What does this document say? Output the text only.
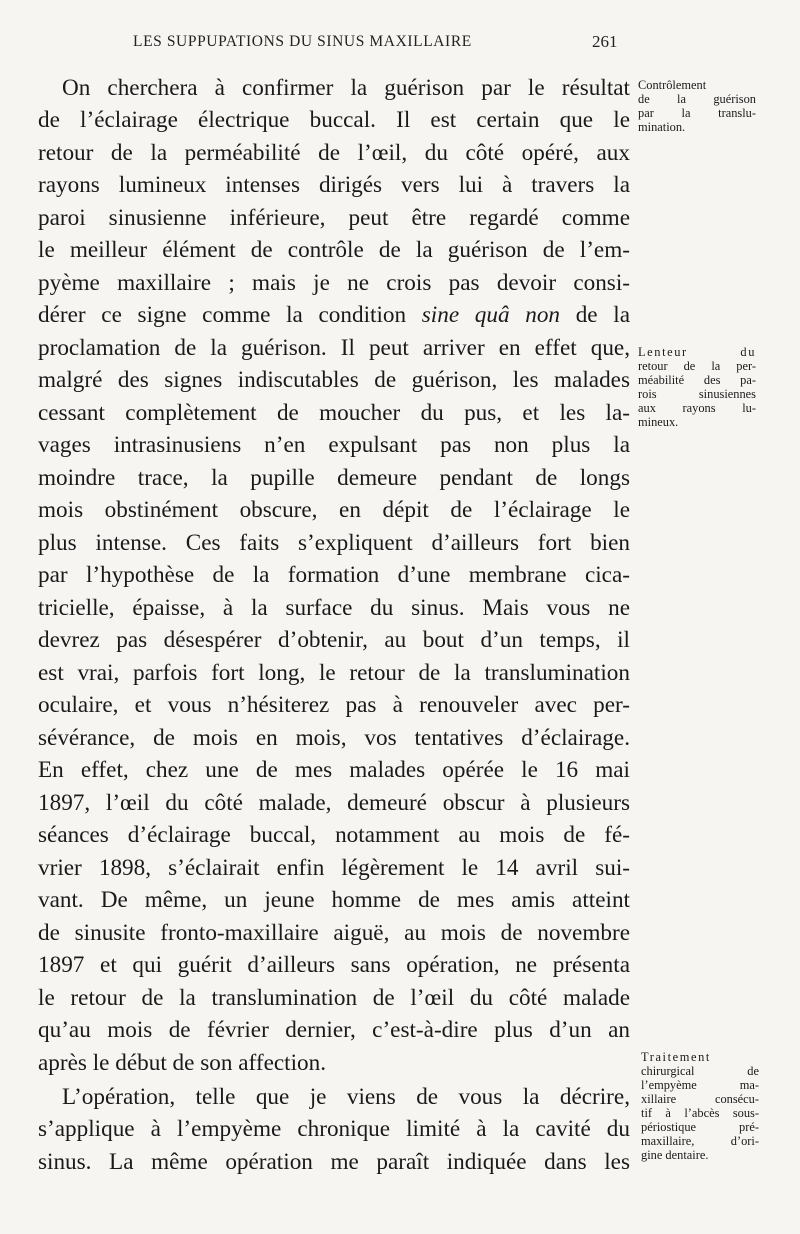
LES SUPPUPATIONS DU SINUS MAXILLAIRE	261
On cherchera à confirmer la guérison par le résultat
de l’éclairage électrique buccal. Il est certain que le
retour de la perméabilité de l’œil, du côté opéré, aux
rayons lumineux intenses dirigés vers lui à travers la
paroi sinusienne inférieure, peut être regardé comme
le meilleur élément de contrôle de la guérison de l’em-
pyème maxillaire ; mais je ne crois pas devoir consi-
dérer ce signe comme la condition sine quâ non de la
proclamation de la guérison. Il peut arriver en effet que,
malgré des signes indiscutables de guérison, les malades
cessant complètement de moucher du pus, et les la-
vages intrasinusiens n’en expulsant pas non plus la
moindre trace, la pupille demeure pendant de longs
mois obstinément obscure, en dépit de l’éclairage le
plus intense. Ces faits s’expliquent d’ailleurs fort bien
par l’hypothèse de la formation d’une membrane cica-
tricielle, épaisse, à la surface du sinus. Mais vous ne
devrez pas désespérer d’obtenir, au bout d’un temps, il
est vrai, parfois fort long, le retour de la translumination
oculaire, et vous n’hésiterez pas à renouveler avec per-
sévérance, de mois en mois, vos tentatives d’éclairage.
En effet, chez une de mes malades opérée le 16 mai
1897, l’œil du côté malade, demeuré obscur à plusieurs
séances d’éclairage buccal, notamment au mois de fé-
vrier 1898, s’éclairait enfin légèrement le 14 avril sui-
vant. De même, un jeune homme de mes amis atteint
de sinusite fronto-maxillaire aiguë, au mois de novembre
1897 et qui guérit d’ailleurs sans opération, ne présenta
le retour de la translumination de l’œil du côté malade
qu’au mois de février dernier, c’est-à-dire plus d’un an
après le début de son affection.
L’opération, telle que je viens de vous la décrire,
s’applique à l’empyème chronique limité à la cavité du
sinus. La même opération me paraît indiquée dans les
Contrôlement
de la guérison
par la translu-
mination.
Lenteur du
retour de la per-
méabilité des pa-
rois sinusiennes
aux rayons lu-
mineux.
Traitement
chirurgical de
l’empyème ma-
xillaire consécu-
tif à l’abcès sous-
périostique pré-
maxillaire, d’ori-
gine dentaire.
